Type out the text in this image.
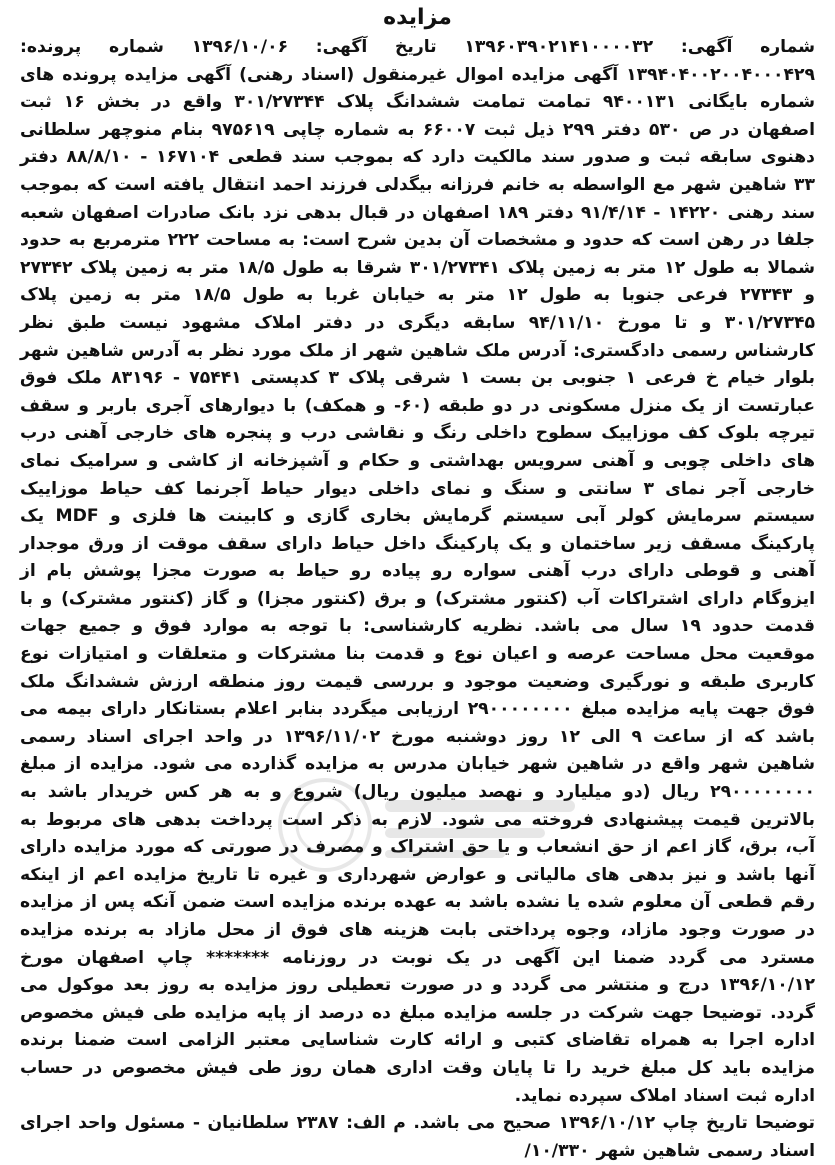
مزایده

شماره آگهی: ۱۳۹۶۰۳۹۰۲۱۴۱۰۰۰۰۳۲ تاریخ آگهی: ۱۳۹۶/۱۰/۰۶ شماره پرونده: ۱۳۹۴۰۴۰۰۲۰۰۴۰۰۰۴۲۹ آگهی مزایده اموال غیرمنقول (اسناد رهنی) آگهی مزایده پرونده های شماره بایگانی ۹۴۰۰۱۳۱ تمامت تمامت ششدانگ پلاک ۳۰۱/۲۷۳۴۴ واقع در بخش ۱۶ ثبت اصفهان در ص ۵۳۰ دفتر ۲۹۹ ذیل ثبت ۶۶۰۰۷ به شماره چاپی ۹۷۵۶۱۹ بنام منوچهر سلطانی دهنوی سابقه ثبت و صدور سند مالکیت دارد که بموجب سند قطعی ۱۶۷۱۰۴ - ۸۸/۸/۱۰ دفتر ۳۳ شاهین شهر مع الواسطه به خانم فرزانه بیگدلی فرزند احمد انتقال یافته است که بموجب سند رهنی ۱۴۲۲۰ - ۹۱/۴/۱۴ دفتر ۱۸۹ اصفهان در قبال بدهی نزد بانک صادرات اصفهان شعبه جلفا در رهن است که حدود و مشخصات آن بدین شرح است: به مساحت ۲۲۲ مترمربع به حدود شمالا به طول ۱۲ متر به زمین پلاک ۳۰۱/۲۷۳۴۱ شرقا به طول ۱۸/۵ متر به زمین پلاک ۲۷۳۴۲ و ۲۷۳۴۳ فرعی جنوبا به طول ۱۲ متر به خیابان غربا به طول ۱۸/۵ متر به زمین پلاک ۳۰۱/۲۷۳۴۵ و تا مورخ ۹۴/۱۱/۱۰ سابقه دیگری در دفتر املاک مشهود نیست طبق نظر کارشناس رسمی دادگستری: آدرس ملک شاهین شهر از ملک مورد نظر به آدرس شاهین شهر بلوار خیام خ فرعی ۱ جنوبی بن بست ۱ شرقی پلاک ۳ کدپستی ۷۵۴۴۱ - ۸۳۱۹۶ ملک فوق عبارتست از یک منزل مسکونی در دو طبقه (۶۰- و همکف) با دیوارهای آجری باربر و سقف تیرچه بلوک کف موزاییک سطوح داخلی رنگ و نقاشی درب و پنجره های خارجی آهنی درب های داخلی چوبی و آهنی سرویس بهداشتی و حکام و آشپزخانه از کاشی و سرامیک نمای خارجی آجر نمای ۳ سانتی و سنگ و نمای داخلی دیوار حیاط آجرنما کف حیاط موزاییک سیستم سرمایش کولر آبی سیستم گرمایش بخاری گازی و کابینت ها فلزی و MDF یک پارکینگ مسقف زیر ساختمان و یک پارکینگ داخل حیاط دارای سقف موقت از ورق موجدار آهنی و قوطی دارای درب آهنی سواره رو پیاده رو حیاط به صورت مجزا پوشش بام از ایزوگام دارای اشتراکات آب (کنتور مشترک) و برق (کنتور مجزا) و گاز (کنتور مشترک) و با قدمت حدود ۱۹ سال می باشد. نظریه کارشناسی: با توجه به موارد فوق و جمیع جهات موقعیت محل مساحت عرصه و اعیان نوع و قدمت بنا مشترکات و متعلقات و امتیازات نوع کاربری طبقه و نورگیری وضعیت موجود و بررسی قیمت روز منطقه ارزش ششدانگ ملک فوق جهت پایه مزایده مبلغ ۲۹۰۰۰۰۰۰۰۰ ارزیابی میگردد بنابر اعلام بستانکار دارای بیمه می باشد که از ساعت ۹ الی ۱۲ روز دوشنبه مورخ ۱۳۹۶/۱۱/۰۲ در واحد اجرای اسناد رسمی شاهین شهر واقع در شاهین شهر خیابان مدرس به مزایده گذارده می شود. مزایده از مبلغ ۲۹۰۰۰۰۰۰۰۰ ریال (دو میلیارد و نهصد میلیون ریال) شروع و به هر کس خریدار باشد به بالاترین قیمت پیشنهادی فروخته می شود. لازم به ذکر است پرداخت بدهی های مربوط به آب، برق، گاز اعم از حق انشعاب و یا حق اشتراک و مصرف در صورتی که مورد مزایده دارای آنها باشد و نیز بدهی های مالیاتی و عوارض شهرداری و غیره تا تاریخ مزایده اعم از اینکه رقم قطعی آن معلوم شده یا نشده باشد به عهده برنده مزایده است ضمن آنکه پس از مزایده در صورت وجود مازاد، وجوه پرداختی بابت هزینه های فوق از محل مازاد به برنده مزایده مسترد می گردد ضمنا این آگهی در یک نوبت در روزنامه ******* چاپ اصفهان مورخ ۱۳۹۶/۱۰/۱۲ درج و منتشر می گردد و در صورت تعطیلی روز مزایده به روز بعد موکول می گردد. توضیحا جهت شرکت در جلسه مزایده مبلغ ده درصد از پایه مزایده طی فیش مخصوص اداره اجرا به همراه تقاضای کتبی و ارائه کارت شناسایی معتبر الزامی است ضمنا برنده مزایده باید کل مبلغ خرید را تا پایان وقت اداری همان روز طی فیش مخصوص در حساب اداره ثبت اسناد املاک سپرده نماید.

توضیحا تاریخ چاپ ۱۳۹۶/۱۰/۱۲ صحیح می باشد. م الف: ۲۳۸۷ سلطانیان - مسئول واحد اجرای اسناد رسمی شاهین شهر ۱۰/۳۳۰/
